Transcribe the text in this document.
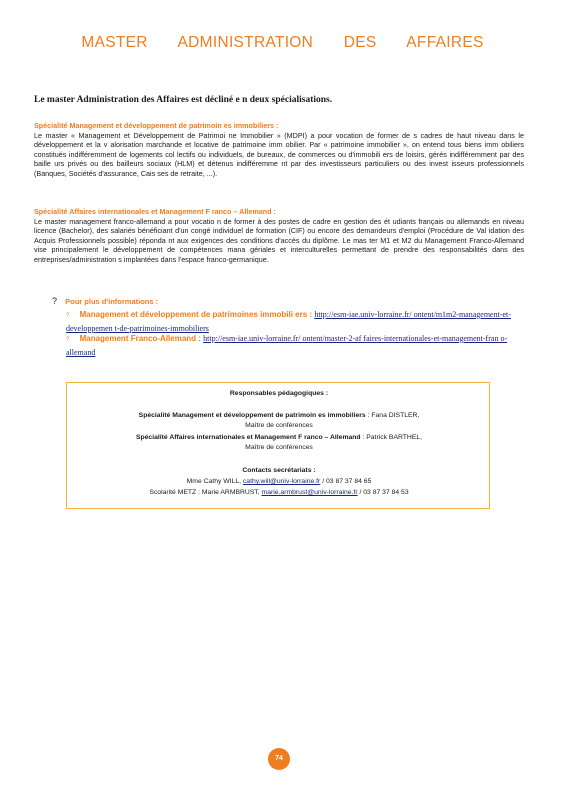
MASTER ADMINISTRATION DES AFFAIRES
Le master Administration des Affaires est décliné e n deux spécialisations.
Spécialité Management et développement de patrimoin es immobiliers :
Le master « Management et Développement de Patrimoi ne Immobilier » (MDPI) a pour vocation de former de s cadres de haut niveau dans le développement et la v alorisation marchande et locative de patrimoine imm obilier. Par « patrimoine immobilier », on entend tous biens imm obiliers constitués indifféremment de logements col lectifs ou individuels, de bureaux, de commerces ou d'immobili ers de loisirs, gérés indifféremment par des baille urs privés ou des bailleurs sociaux (HLM) et détenus indifféremme nt par des investisseurs particuliers ou des invest isseurs professionnels (Banques, Sociétés d'assurance, Cais ses de retraite, ...).
Spécialité Affaires internationales et Management F ranco – Allemand :
Le master management franco-allemand a pour vocatio n de former à des postes de cadre en gestion des ét udiants français ou allemands en niveau licence (Bachelor), des salariés bénéficiant d'un congé individuel de formation (CIF) ou encore des demandeurs d'emploi (Procédure de Val idation des Acquis Professionnels possible) réponda nt aux exigences des conditions d'accès du diplôme. Le mas ter M1 et M2 du Management Franco-Allemand vise principalement le développement de compétences mana gériales et interculturelles permettant de prendre des responsabilités dans des entreprises/administration s implantées dans l'espace franco-germanique.
? Pour plus d'informations :
? Management et développement de patrimoines immobili ers : http://esm-iae.univ-lorraine.fr/ ontent/m1m2-management-et-developpemen t-de-patrimoines-immobiliers
? Management Franco-Allemand : http://esm-iae.univ-lorraine.fr/ ontent/master-2-af faires-internationales-et-management-fran o-allemand
Responsables pédagogiques :
Spécialité Management et développement de patrimoin es immobiliers : Fana DISTLER,
Maître de conférences
Spécialité Affaires internationales et Management F ranco – Allemand : Patrick BARTHEL,
Maître de conférences
Contacts secrétariats :
Mme Cathy WILL, cathy.will@univ-lorraine.fr / 03 87 37 84 65
Scolarité METZ : Marie ARMBRUST, marie.armbrust@univ-lorraine.fr / 03 87 37 84 53
74
